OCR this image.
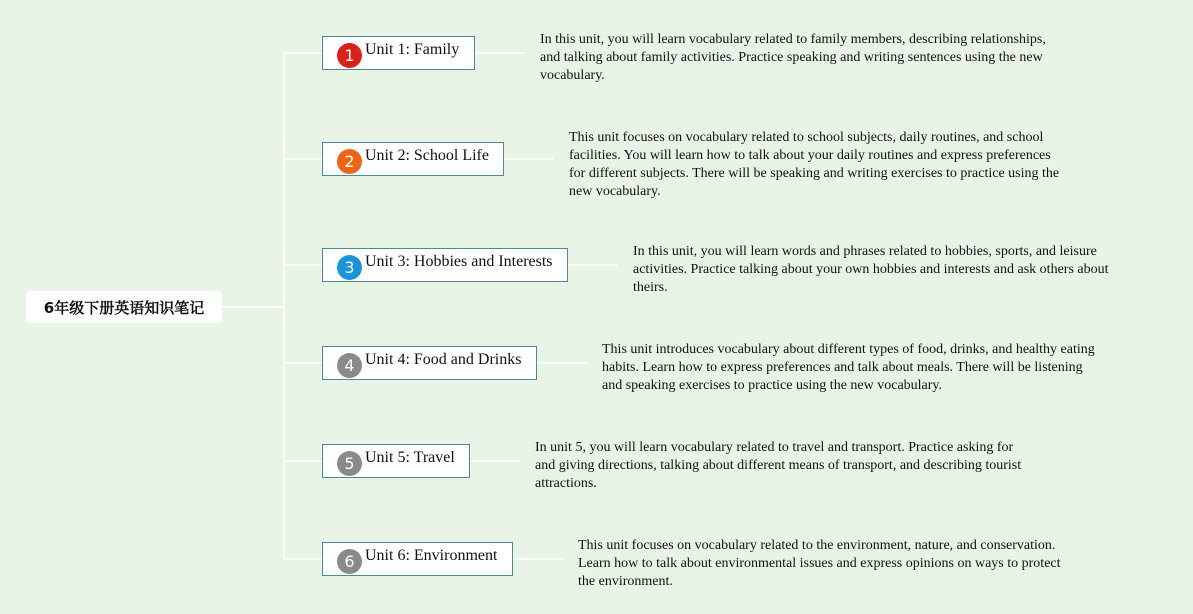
6年级下册英语知识笔记
1 Unit 1: Family
In this unit, you will learn vocabulary related to family members, describing relationships, and talking about family activities. Practice speaking and writing sentences using the new vocabulary.
2 Unit 2: School Life
This unit focuses on vocabulary related to school subjects, daily routines, and school facilities. You will learn how to talk about your daily routines and express preferences for different subjects. There will be speaking and writing exercises to practice using the new vocabulary.
3 Unit 3: Hobbies and Interests
In this unit, you will learn words and phrases related to hobbies, sports, and leisure activities. Practice talking about your own hobbies and interests and ask others about theirs.
4 Unit 4: Food and Drinks
This unit introduces vocabulary about different types of food, drinks, and healthy eating habits. Learn how to express preferences and talk about meals. There will be listening and speaking exercises to practice using the new vocabulary.
5 Unit 5: Travel
In unit 5, you will learn vocabulary related to travel and transport. Practice asking for and giving directions, talking about different means of transport, and describing tourist attractions.
6 Unit 6: Environment
This unit focuses on vocabulary related to the environment, nature, and conservation. Learn how to talk about environmental issues and express opinions on ways to protect the environment.
